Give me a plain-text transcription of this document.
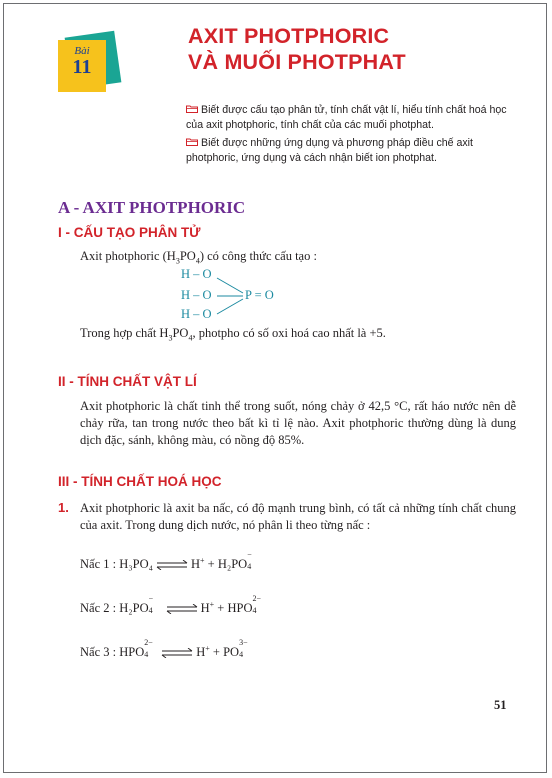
Bài
11
AXIT PHOTPHORIC
VÀ MUỐI PHOTPHAT

Biết được cấu tạo phân tử, tính chất vật lí, hiểu tính chất hoá học của axit photphoric, tính chất của các muối photphat.

Biết được những ứng dụng và phương pháp điều chế axit photphoric, ứng dụng và cách nhận biết ion photphat.

A - AXIT PHOTPHORIC
I - CẤU TẠO PHÂN TỬ

Axit photphoric $(H_3PO_4)$ có công thức cấu tạo :

H – O
H – O
H – O
P = O

Trong hợp chất $H_3PO_4$, photpho có số oxi hoá cao nhất là +5.

II - TÍNH CHẤT VẬT LÍ

Axit photphoric là chất tinh thể trong suốt, nóng chảy ở 42,5 °C, rất háo nước nên dễ chảy rữa, tan trong nước theo bất kì tỉ lệ nào. Axit photphoric thường dùng là dung dịch đặc, sánh, không màu, có nồng độ 85%.

III - TÍNH CHẤT HOÁ HỌC
1. Axit photphoric là axit ba nấc, có độ mạnh trung bình, có tất cả những tính chất chung của axit. Trong dung dịch nước, nó phân li theo từng nấc :

Nấc 1 : H₃PO₄ ⇌ H+ + H₂PO
−
4
Nấc 2 : H₂PO
−
4 ⇌ H+ + HPO
2−
4
Nấc 3 : HPO
2−
4 ⇌ H+ + PO
3−
4
51
